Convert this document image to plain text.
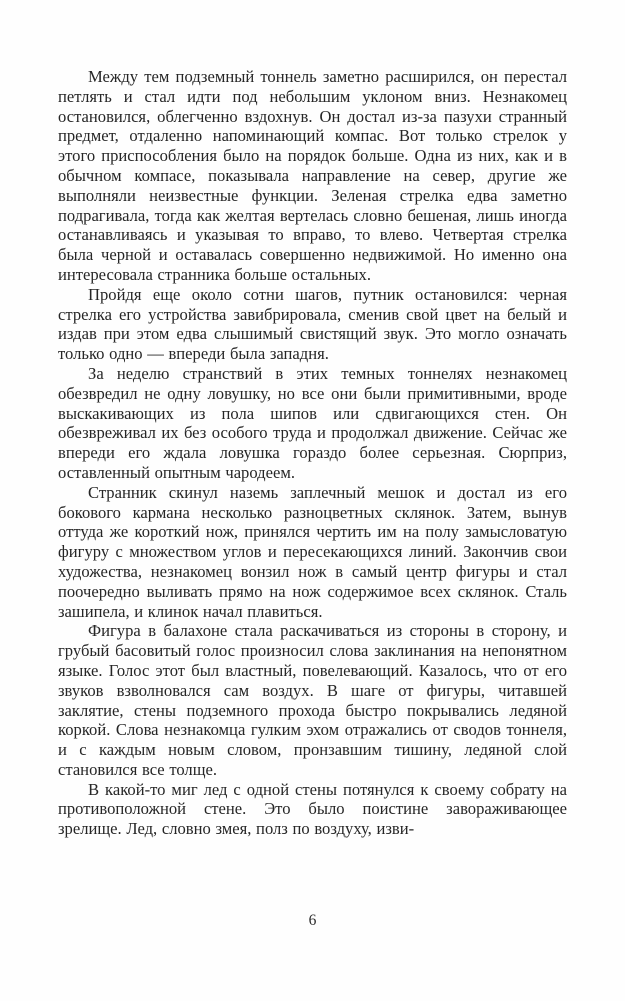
Между тем подземный тоннель заметно расширился, он перестал петлять и стал идти под небольшим уклоном вниз. Незнакомец остановился, облегченно вздохнув. Он достал из-за пазухи странный предмет, отдаленно напоминающий компас. Вот только стрелок у этого приспособления было на порядок больше. Одна из них, как и в обычном компасе, показывала направление на север, другие же выполняли неизвестные функции. Зеленая стрелка едва заметно подрагивала, тогда как желтая вертелась словно бешеная, лишь иногда останавливаясь и указывая то вправо, то влево. Четвертая стрелка была черной и оставалась совершенно недвижимой. Но именно она интересовала странника больше остальных.

Пройдя еще около сотни шагов, путник остановился: черная стрелка его устройства завибрировала, сменив свой цвет на белый и издав при этом едва слышимый свистящий звук. Это могло означать только одно — впереди была западня.

За неделю странствий в этих темных тоннелях незнакомец обезвредил не одну ловушку, но все они были примитивными, вроде выскакивающих из пола шипов или сдвигающихся стен. Он обезвреживал их без особого труда и продолжал движение. Сейчас же впереди его ждала ловушка гораздо более серьезная. Сюрприз, оставленный опытным чародеем.

Странник скинул наземь заплечный мешок и достал из его бокового кармана несколько разноцветных склянок. Затем, вынув оттуда же короткий нож, принялся чертить им на полу замысловатую фигуру с множеством углов и пересекающихся линий. Закончив свои художества, незнакомец вонзил нож в самый центр фигуры и стал поочередно выливать прямо на нож содержимое всех склянок. Сталь зашипела, и клинок начал плавиться.

Фигура в балахоне стала раскачиваться из стороны в сторону, и грубый басовитый голос произносил слова заклинания на непонятном языке. Голос этот был властный, повелевающий. Казалось, что от его звуков взволновался сам воздух. В шаге от фигуры, читавшей заклятие, стены подземного прохода быстро покрывались ледяной коркой. Слова незнакомца гулким эхом отражались от сводов тоннеля, и с каждым новым словом, пронзавшим тишину, ледяной слой становился все толще.

В какой-то миг лед с одной стены потянулся к своему собрату на противоположной стене. Это было поистине завораживающее зрелище. Лед, словно змея, полз по воздуху, изви-

6
